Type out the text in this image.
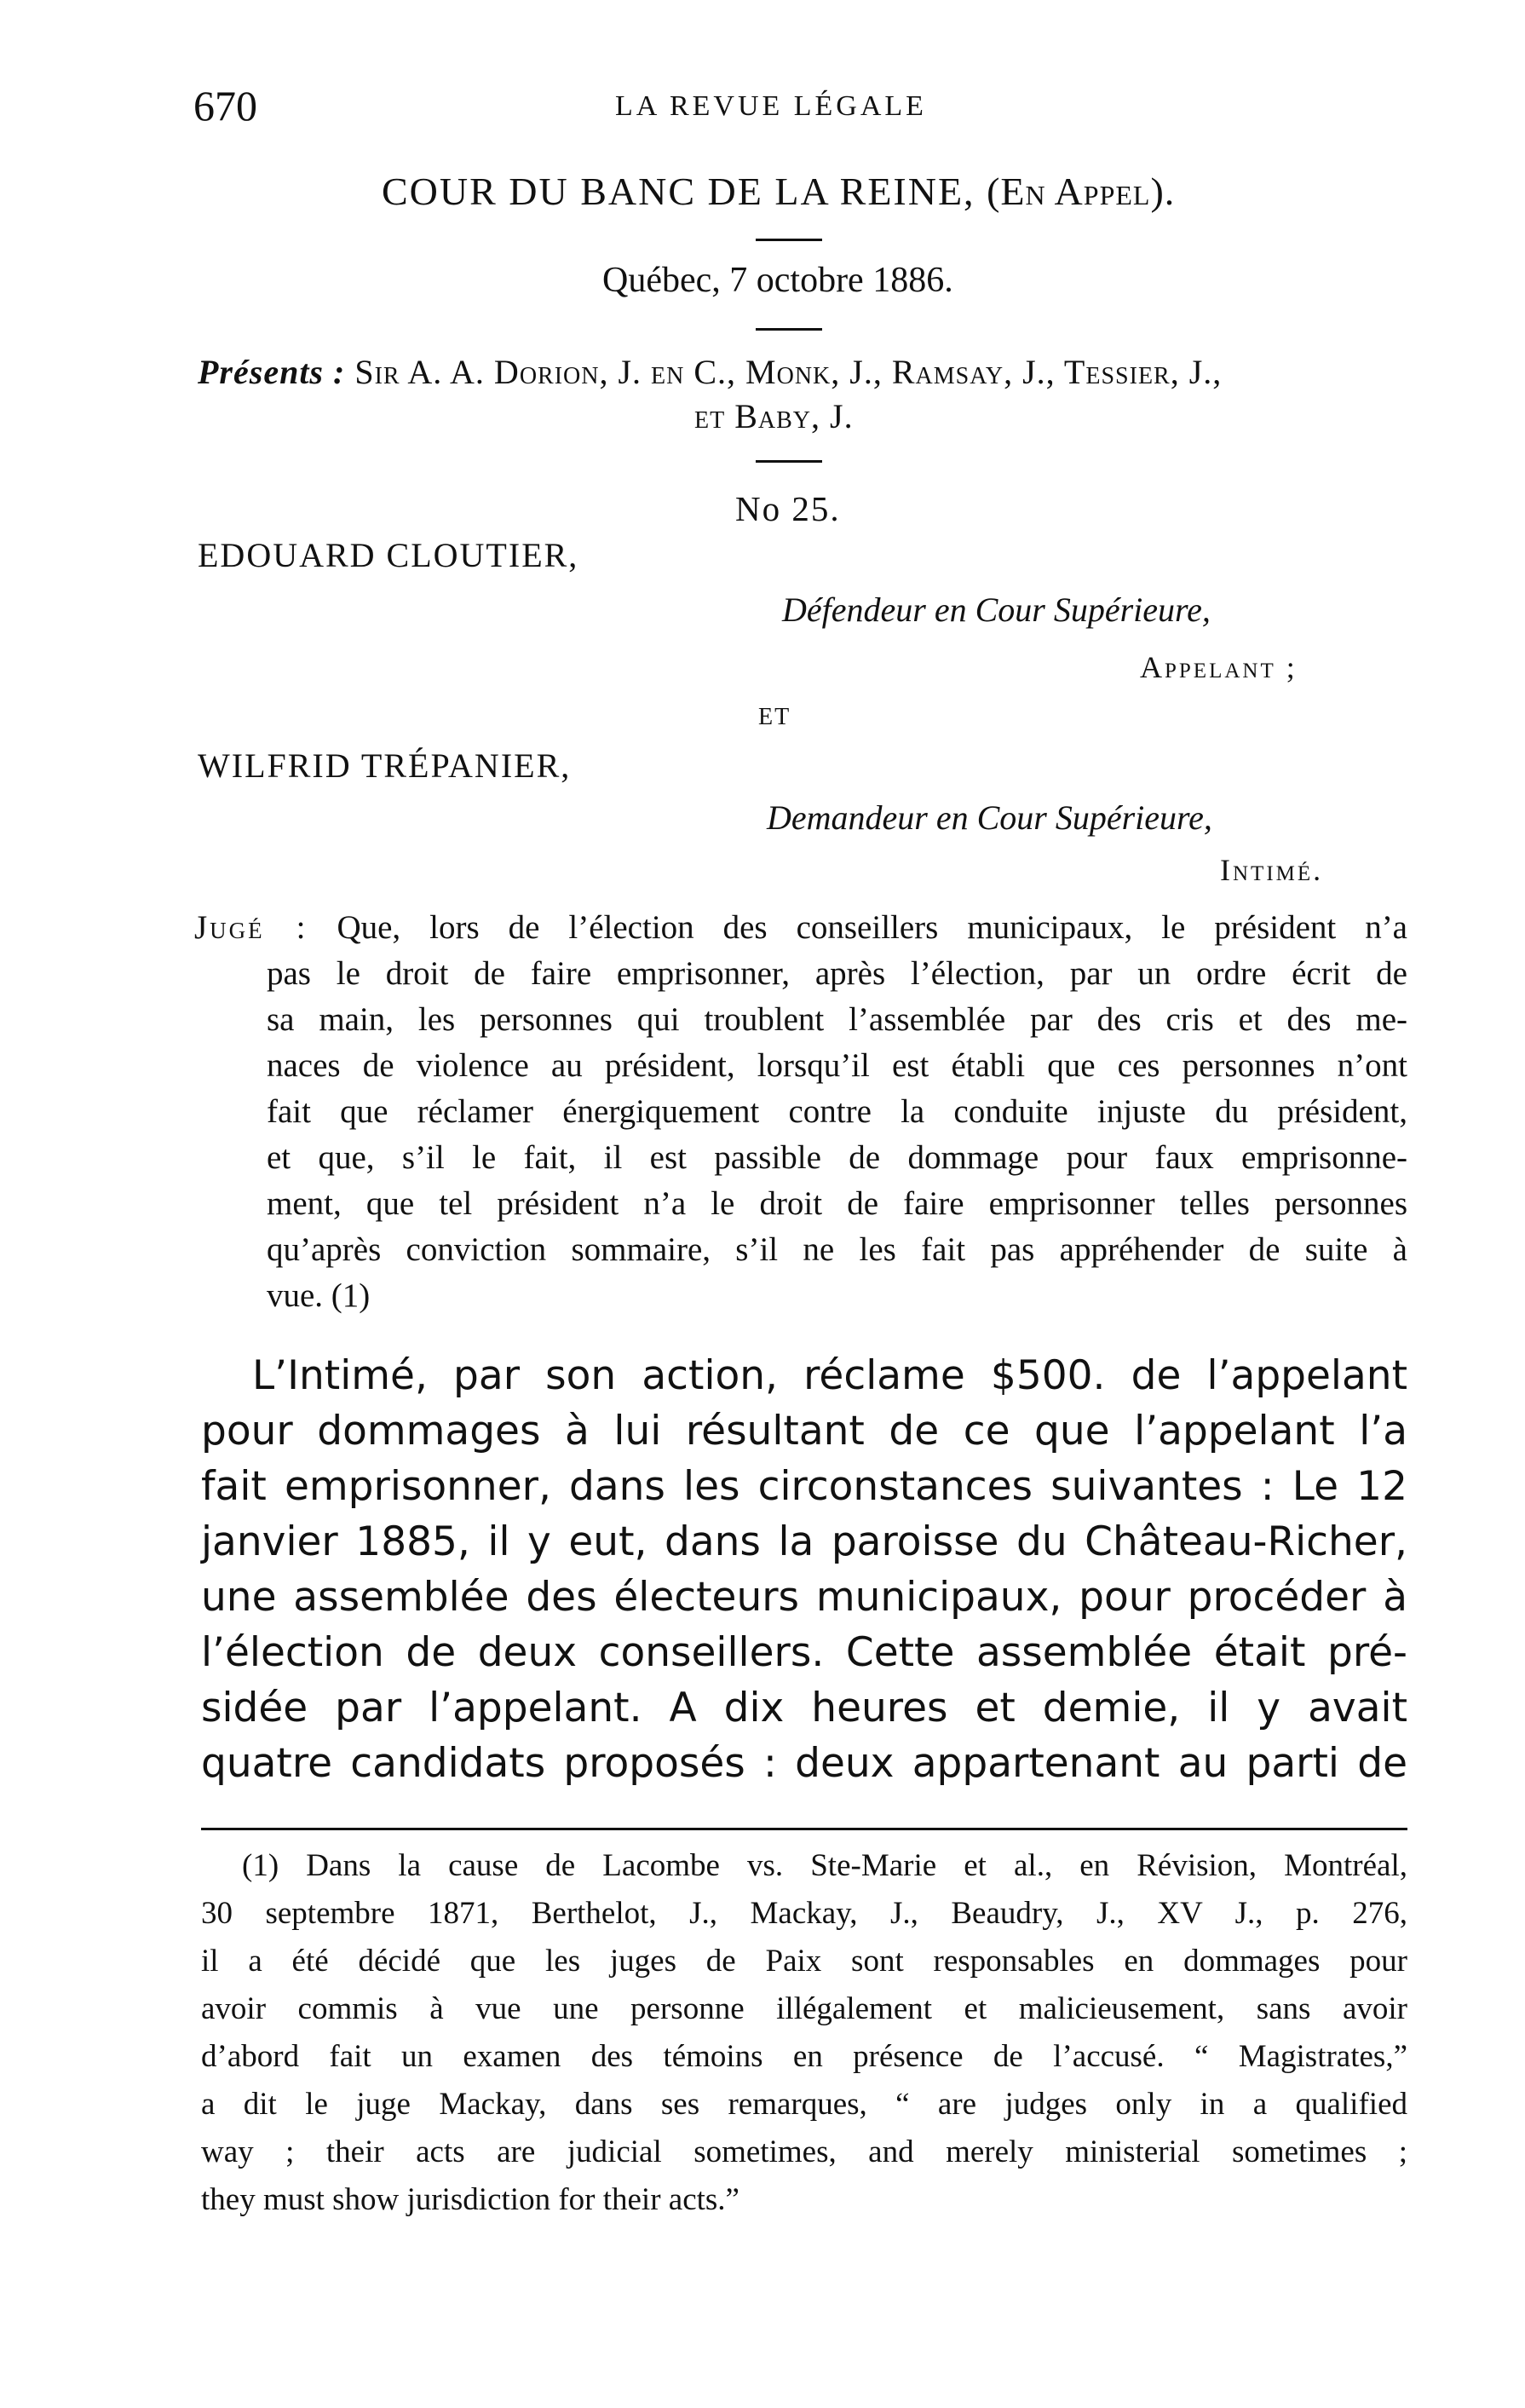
670	LA REVUE LÉGALE
COUR DU BANC DE LA REINE, (En Appel).
Québec, 7 octobre 1886.
Présents : Sir A. A. Dorion, J. en C., Monk, J., Ramsay, J., Tessier, J.,
et Baby, J.
No 25.
EDOUARD CLOUTIER,
Défendeur en Cour Supérieure,
Appelant ;
ET
WILFRID TRÉPANIER,
Demandeur en Cour Supérieure,
Intimé.
Jugé : Que, lors de l’élection des conseillers municipaux, le président n’a
pas le droit de faire emprisonner, après l’élection, par un ordre écrit de
sa main, les personnes qui troublent l’assemblée par des cris et des me-
naces de violence au président, lorsqu’il est établi que ces personnes n’ont
fait que réclamer énergiquement contre la conduite injuste du président,
et que, s’il le fait, il est passible de dommage pour faux emprisonne-
ment, que tel président n’a le droit de faire emprisonner telles personnes
qu’après conviction sommaire, s’il ne les fait pas appréhender de suite à
vue. (1)
L’Intimé, par son action, réclame $500. de l’appelant
pour dommages à lui résultant de ce que l’appelant l’a
fait emprisonner, dans les circonstances suivantes : Le 12
janvier 1885, il y eut, dans la paroisse du Château-Richer,
une assemblée des électeurs municipaux, pour procéder à
l’élection de deux conseillers. Cette assemblée était pré-
sidée par l’appelant. A dix heures et demie, il y avait
quatre candidats proposés : deux appartenant au parti de
(1) Dans la cause de Lacombe vs. Ste-Marie et al., en Révision, Montréal,
30 septembre 1871, Berthelot, J., Mackay, J., Beaudry, J., XV J., p. 276,
il a été décidé que les juges de Paix sont responsables en dommages pour
avoir commis à vue une personne illégalement et malicieusement, sans avoir
d’abord fait un examen des témoins en présence de l’accusé. “ Magistrates,”
a dit le juge Mackay, dans ses remarques, “ are judges only in a qualified
way ; their acts are judicial sometimes, and merely ministerial sometimes ;
they must show jurisdiction for their acts.”
